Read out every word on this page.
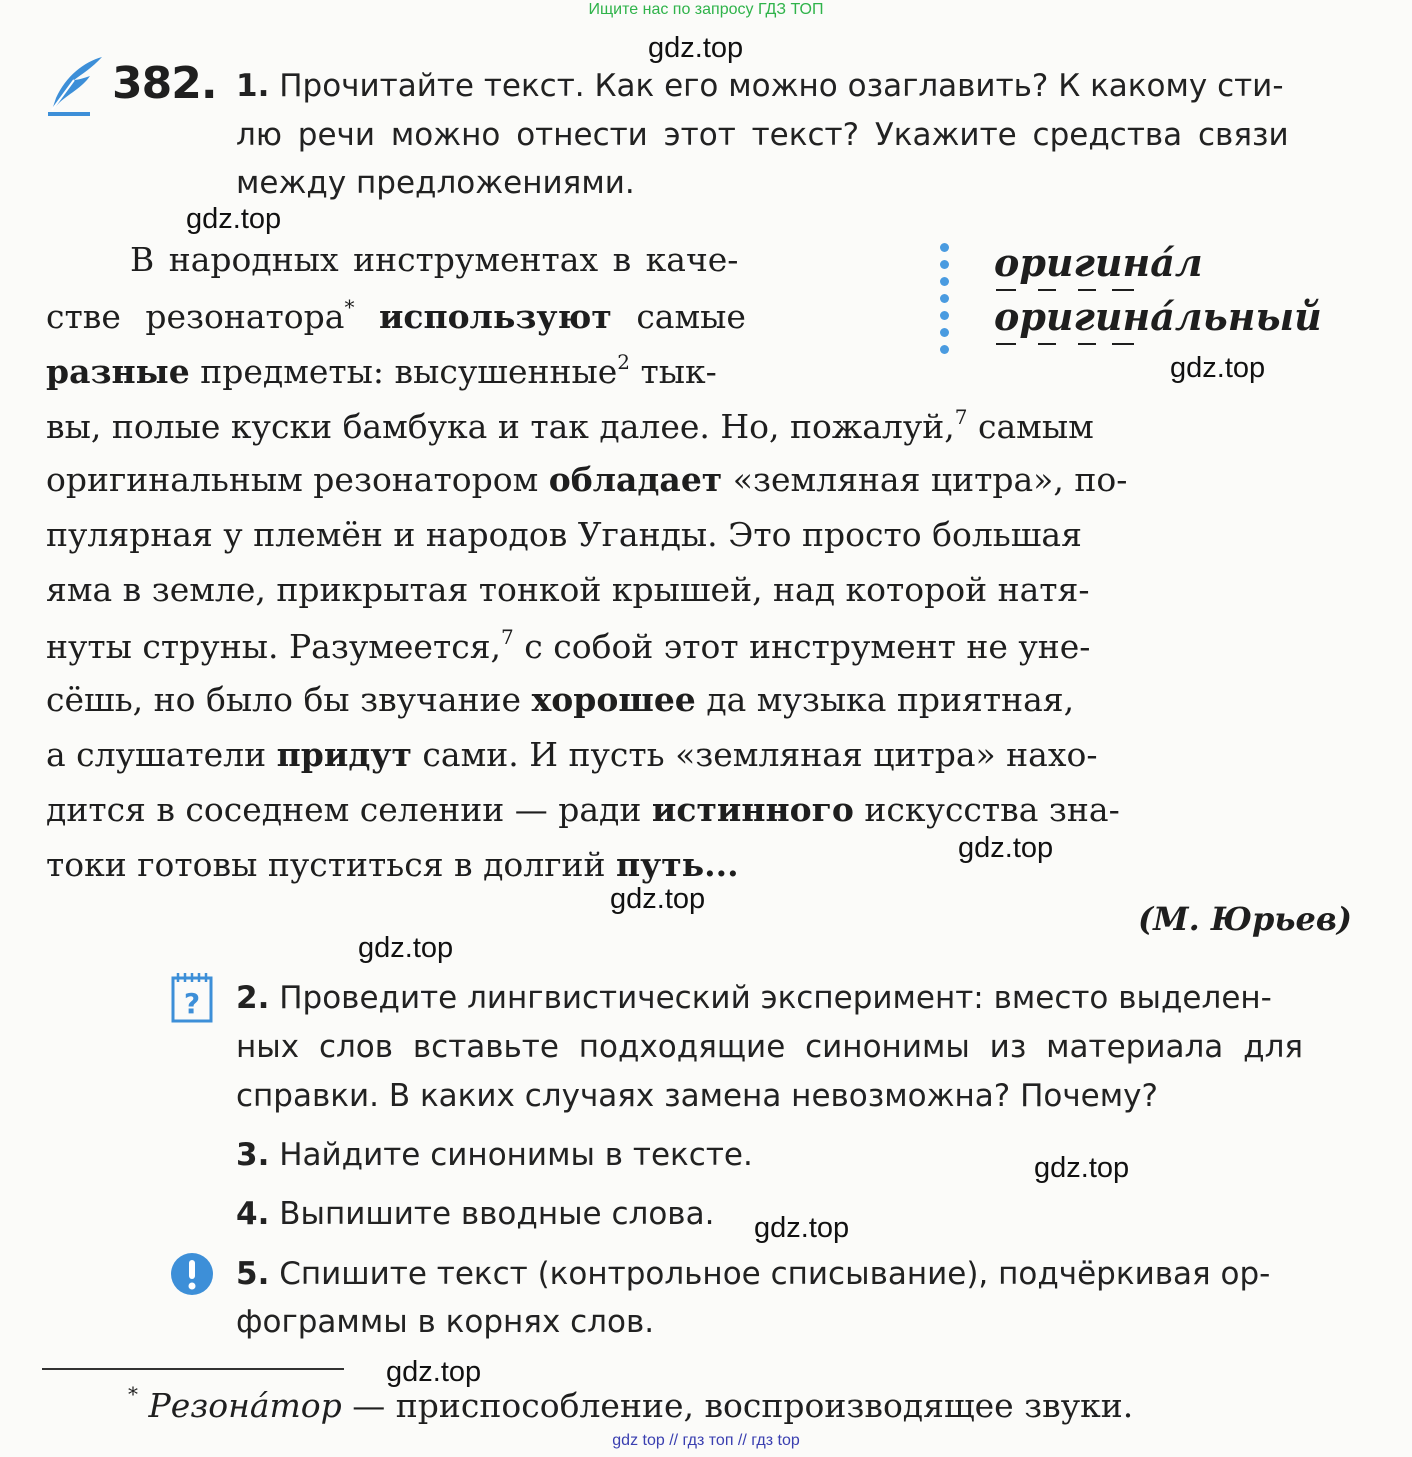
Ищите нас по запросу ГДЗ ТОП
382. 1. Прочитайте текст. Как его можно озаглавить? К какому сти-
лю речи можно отнести этот текст? Укажите средства связи
между предложениями.
оригина́л
оригина́льный
В народных инструментах в каче-
стве резонатора* используют самые
разные предметы: высушенные$^2$ тык-
вы, полые куски бамбука и так далее. Но, пожалуй,$^7$ самым
оригинальным резонатором обладает «земляная цитра», по-
пулярная у племён и народов Уганды. Это просто большая
яма в земле, прикрытая тонкой крышей, над которой натя-
нуты струны. Разумеется,$^7$ с собой этот инструмент не уне-
сёшь, но было бы звучание хорошее да музыка приятная,
а слушатели придут сами. И пусть «земляная цитра» нахо-
дится в соседнем селении — ради истинного искусства зна-
токи готовы пуститься в долгий путь...
(М. Юрьев)
? 2. Проведите лингвистический эксперимент: вместо выделен-
ных слов вставьте подходящие синонимы из материала для
справки. В каких случаях замена невозможна? Почему?
3. Найдите синонимы в тексте.
4. Выпишите вводные слова.
5. Спишите текст (контрольное списывание), подчёркивая ор-
фограммы в корнях слов.
* Резона́тор — приспособление, воспроизводящее звуки.
gdz.top
gdz.top
gdz.top
gdz.top
gdz.top
gdz.top
gdz.top
gdz.top
gdz.top
gdz top // гдз топ // гдз top
